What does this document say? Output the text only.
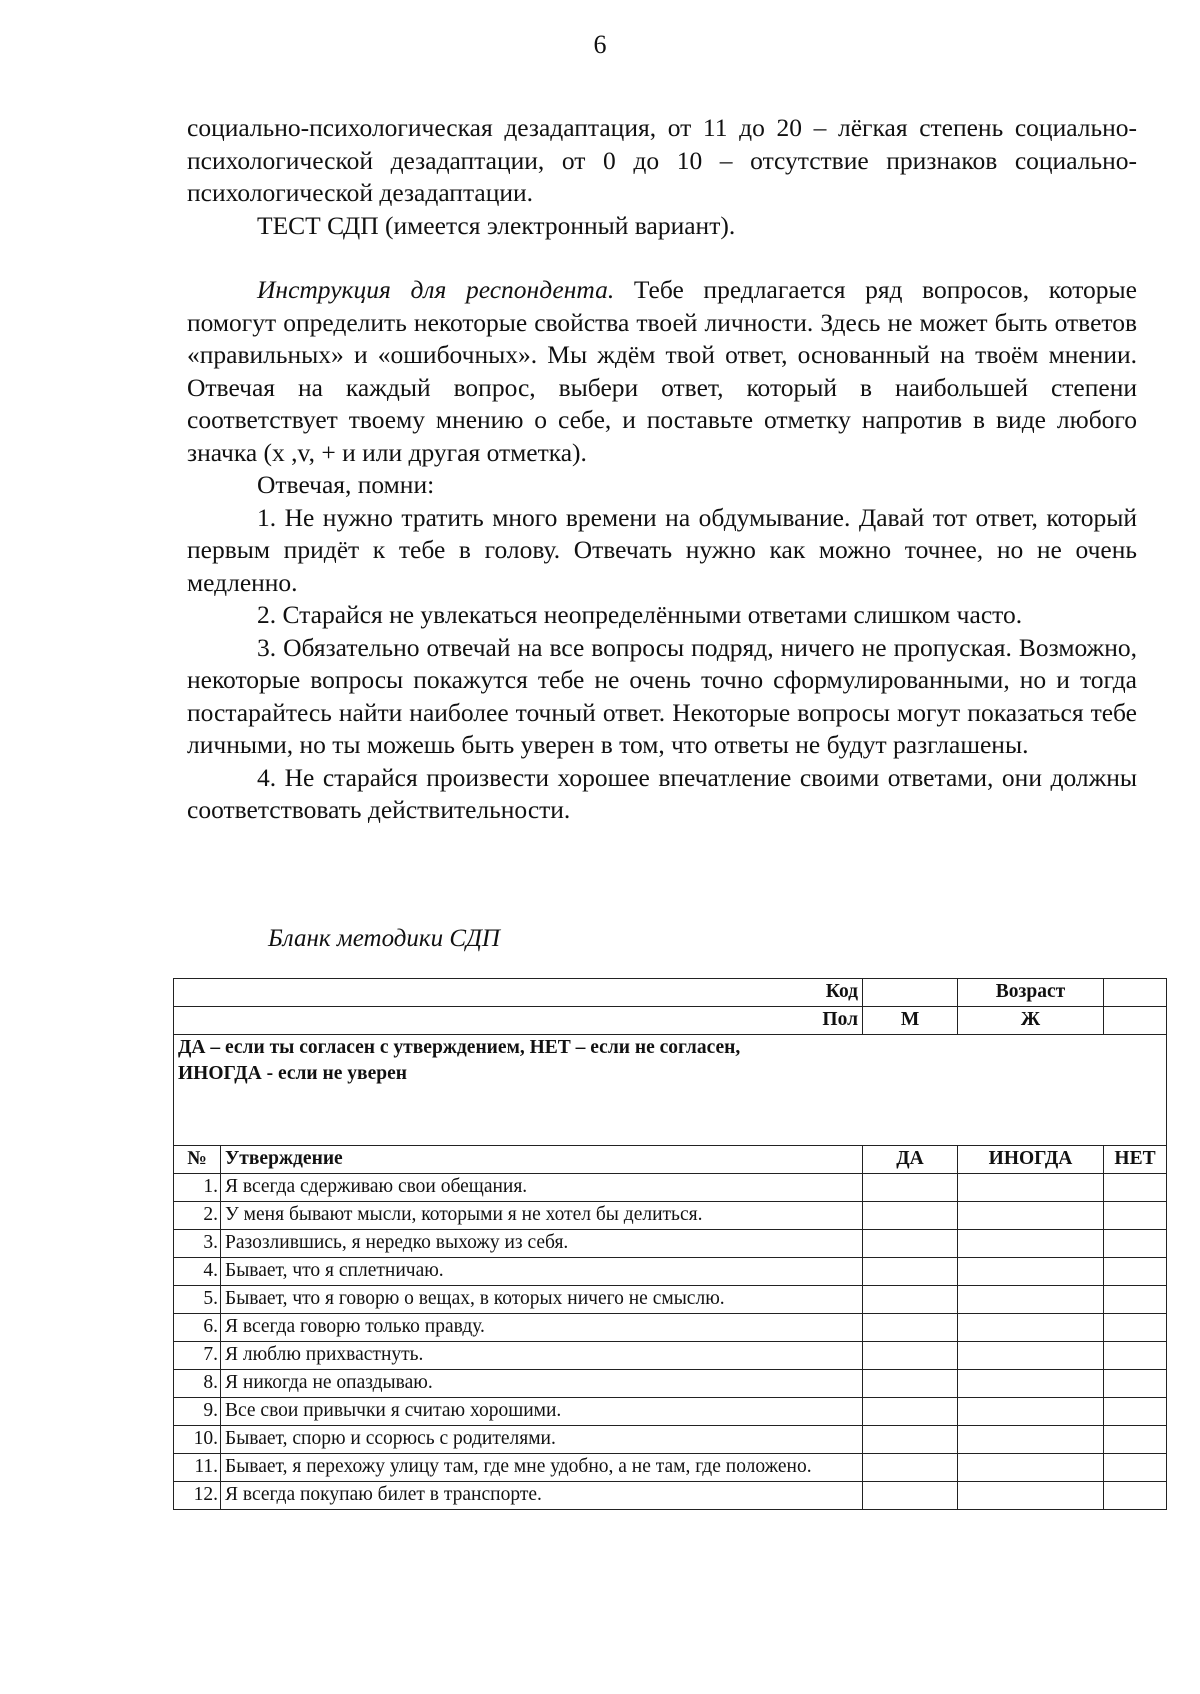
6

социально-психологическая дезадаптация, от 11 до 20 – лёгкая степень социально-психологической дезадаптации, от 0 до 10 – отсутствие признаков социально-психологической дезадаптации.

ТЕСТ СДП (имеется электронный вариант).

Инструкция для респондента. Тебе предлагается ряд вопросов, которые помогут определить некоторые свойства твоей личности. Здесь не может быть ответов «правильных» и «ошибочных». Мы ждём твой ответ, основанный на твоём мнении. Отвечая на каждый вопрос, выбери ответ, который в наибольшей степени соответствует твоему мнению о себе, и поставьте отметку напротив в виде любого значка (х ,v, + и или другая отметка).

Отвечая, помни:

1. Не нужно тратить много времени на обдумывание. Давай тот ответ, который первым придёт к тебе в голову. Отвечать нужно как можно точнее, но не очень медленно.

2. Старайся не увлекаться неопределёнными ответами слишком часто.

3. Обязательно отвечай на все вопросы подряд, ничего не пропуская. Возможно, некоторые вопросы покажутся тебе не очень точно сформулированными, но и тогда постарайтесь найти наиболее точный ответ. Некоторые вопросы могут показаться тебе личными, но ты можешь быть уверен в том, что ответы не будут разглашены.

4. Не старайся произвести хорошее впечатление своими ответами, они должны соответствовать действительности.

Бланк методики СДП
Код			Возраст	
Пол		М	Ж	

ДА – если ты согласен с утверждением, НЕТ – если не согласен,
ИНОГДА - если не уверен				

№	Утверждение	ДА	ИНОГДА	НЕТ
1.	Я всегда сдерживаю свои обещания.			
2.	У меня бывают мысли, которыми я не хотел бы делиться.			
3.	Разозлившись, я нередко выхожу из себя.			
4.	Бывает, что я сплетничаю.			
5.	Бывает, что я говорю о вещах, в которых ничего не смыслю.			
6.	Я всегда говорю только правду.			
7.	Я люблю прихвастнуть.			
8.	Я никогда не опаздываю.			
9.	Все свои привычки я считаю хорошими.			
10.	Бывает, спорю и ссорюсь с родителями.			
11.	Бывает, я перехожу улицу там, где мне удобно, а не там, где положено.			
12.	Я всегда покупаю билет в транспорте.			
